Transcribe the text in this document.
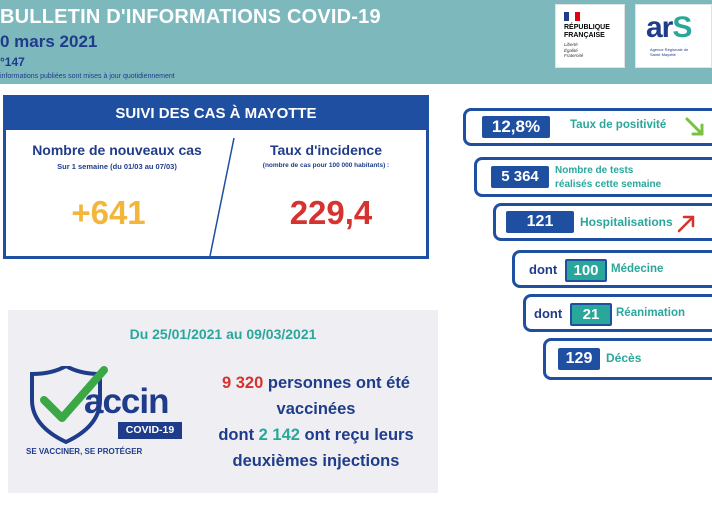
BULLETIN D'INFORMATIONS COVID-19
0 mars 2021
°147
informations publiées sont mises à jour quotidiennement
RÉPUBLIQUE
FRANÇAISE
Liberté
Égalité
Fraternité
arS
Agence Régionale de Santé Mayotte
SUIVI DES CAS À MAYOTTE
Nombre de nouveaux cas
Sur 1 semaine (du 01/03 au 07/03)
+641
Taux d'incidence
(nombre de cas pour 100 000 habitants) :
229,4
12,8%	Taux de positivité
5 364	Nombre de tests
réalisés cette semaine
121	Hospitalisations
dont	100	Médecine
dont	21	Réanimation
129	Décès
Du 25/01/2021 au 09/03/2021
accin
COVID-19
SE VACCINER, SE PROTÉGER
9 320 personnes ont été
vaccinées
dont 2 142 ont reçu leurs
deuxièmes injections
